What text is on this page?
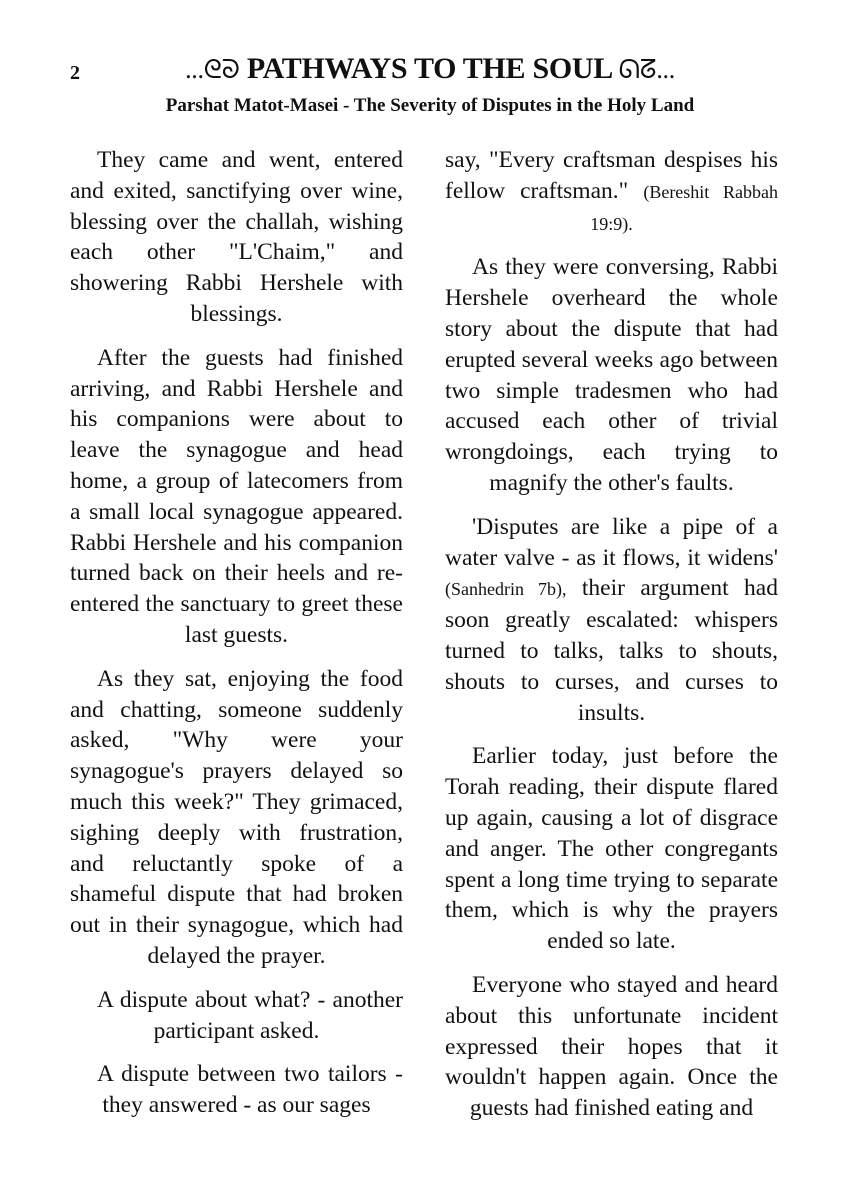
2	...ᘓᘐ PATHWAYS TO THE SOUL ᘏᘔ...
Parshat Matot-Masei - The Severity of Disputes in the Holy Land

They came and went, entered and exited, sanctifying over wine, blessing over the challah, wishing each other "L'Chaim," and showering Rabbi Hershele with blessings.

After the guests had finished arriving, and Rabbi Hershele and his companions were about to leave the synagogue and head home, a group of latecomers from a small local synagogue appeared. Rabbi Hershele and his companion turned back on their heels and re-entered the sanctuary to greet these last guests.

As they sat, enjoying the food and chatting, someone suddenly asked, "Why were your synagogue's prayers delayed so much this week?" They grimaced, sighing deeply with frustration, and reluctantly spoke of a shameful dispute that had broken out in their synagogue, which had delayed the prayer.

A dispute about what? - another participant asked.

A dispute between two tailors - they answered - as our sages

say, "Every craftsman despises his fellow craftsman." (Bereshit Rabbah 19:9).

As they were conversing, Rabbi Hershele overheard the whole story about the dispute that had erupted several weeks ago between two simple tradesmen who had accused each other of trivial wrongdoings, each trying to magnify the other's faults.

'Disputes are like a pipe of a water valve - as it flows, it widens' (Sanhedrin 7b), their argument had soon greatly escalated: whispers turned to talks, talks to shouts, shouts to curses, and curses to insults.

Earlier today, just before the Torah reading, their dispute flared up again, causing a lot of disgrace and anger. The other congregants spent a long time trying to separate them, which is why the prayers ended so late.

Everyone who stayed and heard about this unfortunate incident expressed their hopes that it wouldn't happen again. Once the guests had finished eating and
